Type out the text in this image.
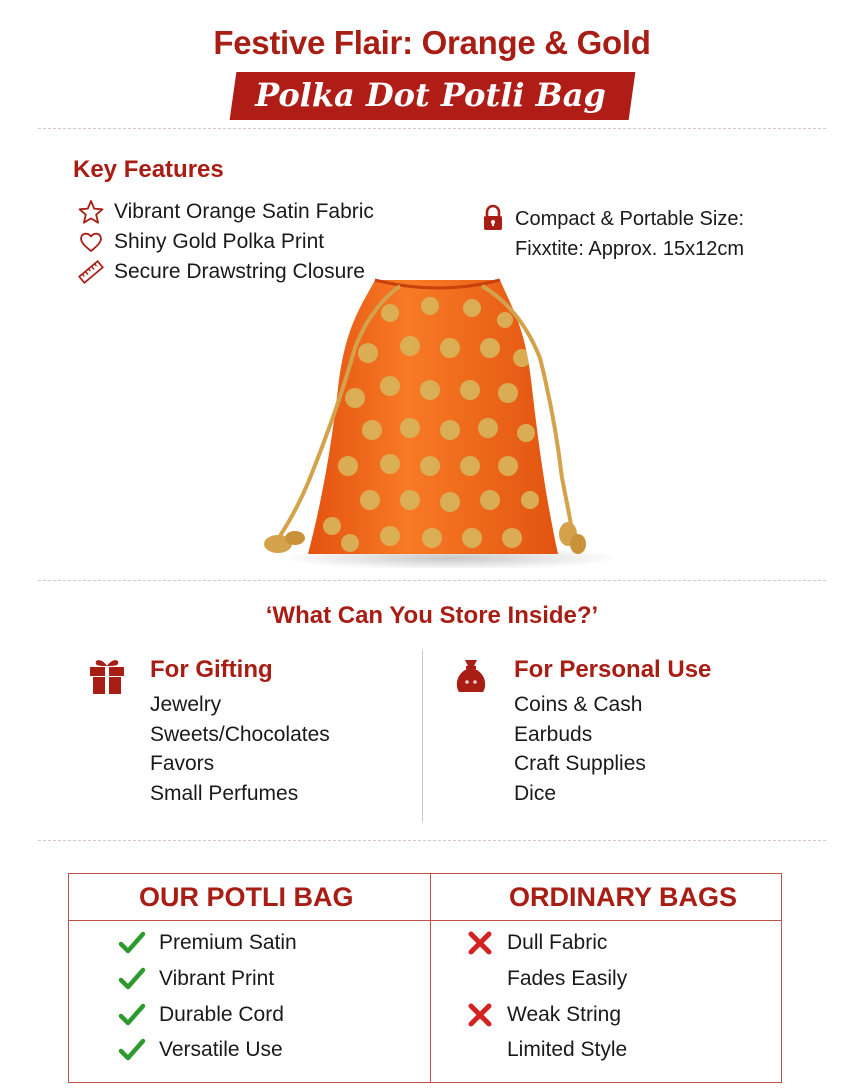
Festive Flair: Orange & Gold
Polka Dot Potli Bag
Key Features
Vibrant Orange Satin Fabric
Shiny Gold Polka Print
Secure Drawstring Closure
Compact & Portable Size:
Fixxtite: Approx. 15x12cm
‘What Can You Store Inside?’
For Gifting
Jewelry
Sweets/Chocolates
Favors
Small Perfumes
For Personal Use
Coins & Cash
Earbuds
Craft Supplies
Dice
OUR POTLI BAG	ORDINARY BAGS
Premium Satin
Vibrant Print
Durable Cord
Versatile Use
Dull Fabric
Fades Easily
Weak String
Limited Style
